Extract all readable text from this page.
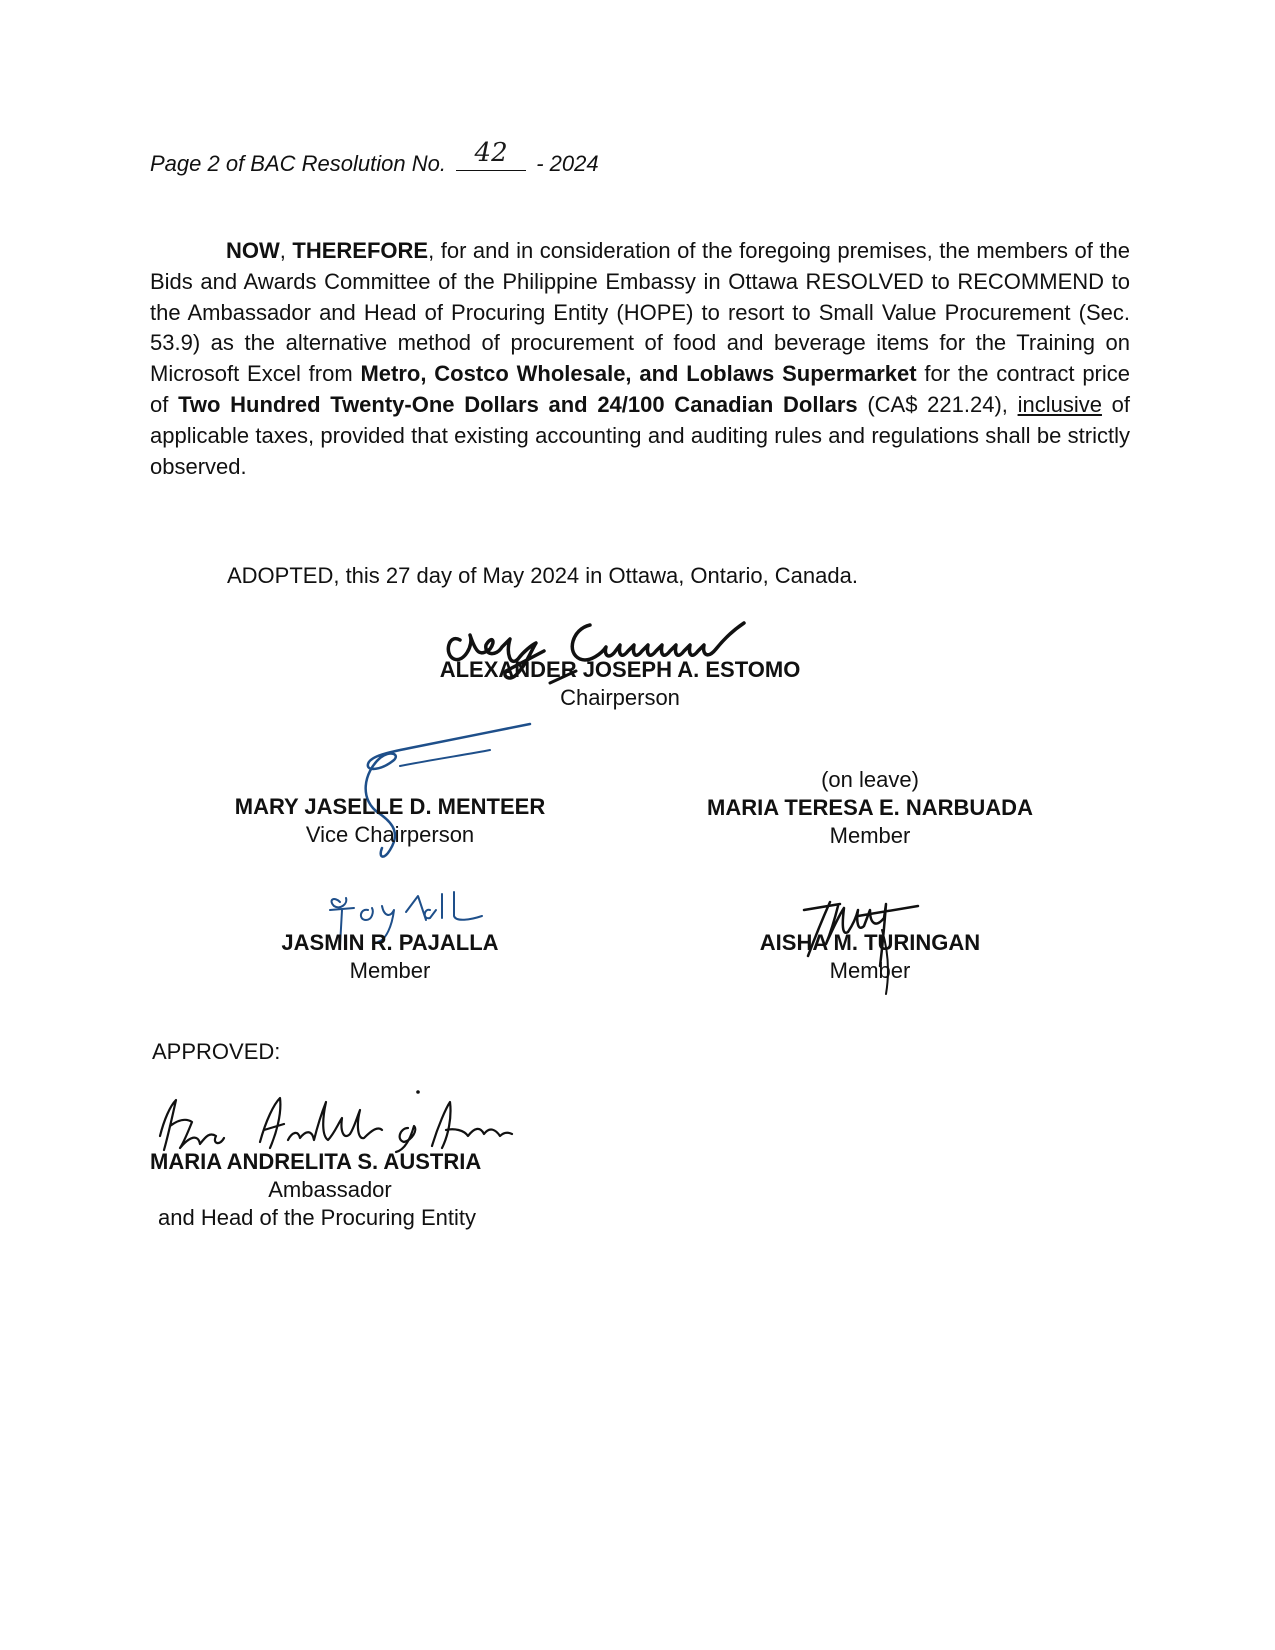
Page 2 of BAC Resolution No.	42	- 2024

NOW, THEREFORE, for and in consideration of the foregoing premises, the members of the Bids and Awards Committee of the Philippine Embassy in Ottawa RESOLVED to RECOMMEND to the Ambassador and Head of Procuring Entity (HOPE) to resort to Small Value Procurement (Sec. 53.9) as the alternative method of procurement of food and beverage items for the Training on Microsoft Excel from Metro, Costco Wholesale, and Loblaws Supermarket for the contract price of Two Hundred Twenty-One Dollars and 24/100 Canadian Dollars (CA$ 221.24), inclusive of applicable taxes, provided that existing accounting and auditing rules and regulations shall be strictly observed.

ADOPTED, this 27 day of May 2024 in Ottawa, Ontario, Canada.
ALEXANDER JOSEPH A. ESTOMO
Chairperson
MARY JASELLE D. MENTEER
Vice Chairperson
(on leave)
MARIA TERESA E. NARBUADA
Member
JASMIN R. PAJALLA
Member
AISHA M. TURINGAN
Member
APPROVED:
MARIA ANDRELITA S. AUSTRIA
Ambassador
and Head of the Procuring Entity
